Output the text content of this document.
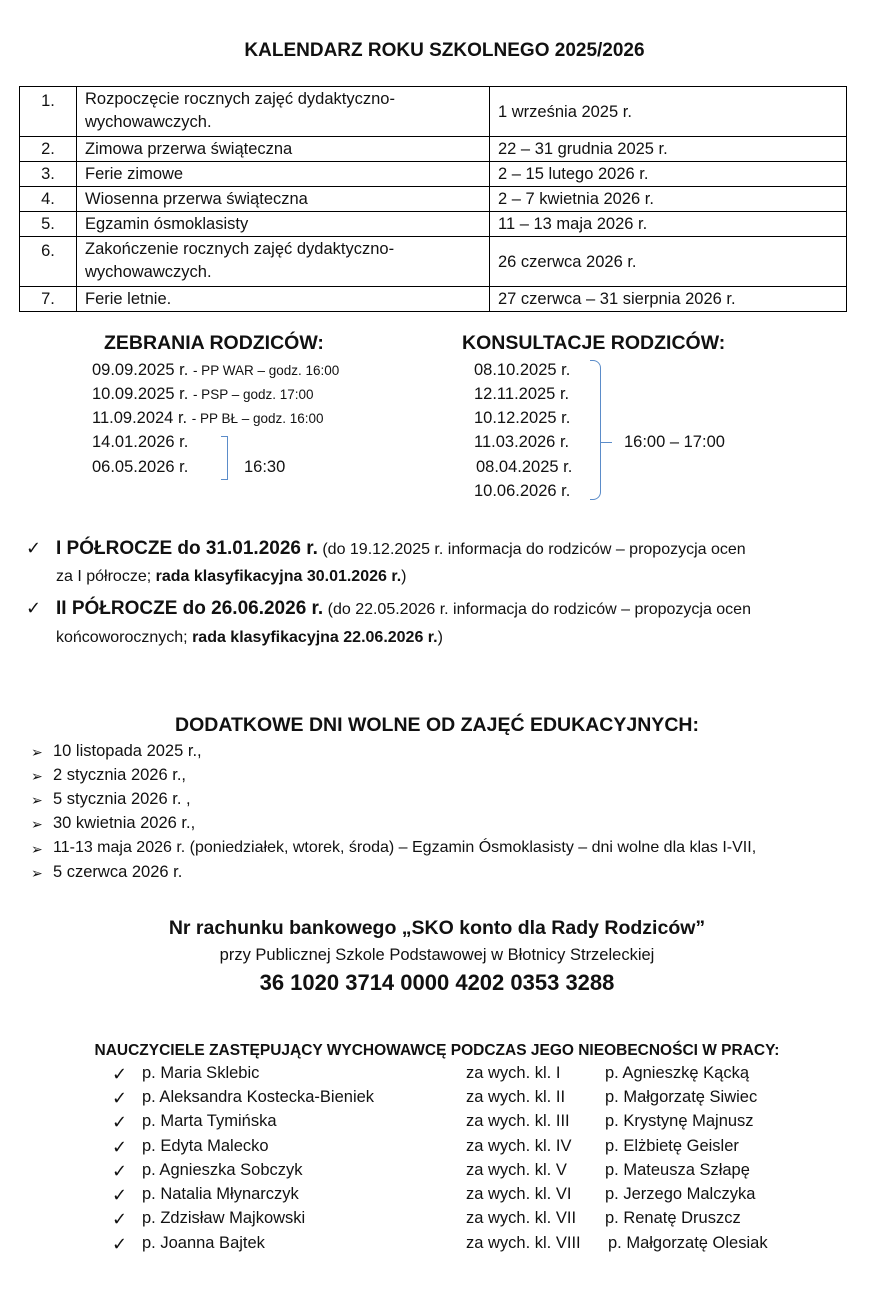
KALENDARZ ROKU SZKOLNEGO 2025/2026
1.	Rozpoczęcie rocznych zajęć dydaktyczno-
wychowawczych.	1 września 2025 r.
2.	Zimowa przerwa świąteczna	22 – 31 grudnia 2025 r.
3.	Ferie zimowe	2 – 15 lutego 2026 r.
4.	Wiosenna przerwa świąteczna	2 – 7 kwietnia 2026 r.
5.	Egzamin ósmoklasisty	11 – 13 maja 2026 r.
6.	Zakończenie rocznych zajęć dydaktyczno-
wychowawczych.	26 czerwca 2026 r.
7.	Ferie letnie.	27 czerwca – 31 sierpnia 2026 r.
ZEBRANIA RODZICÓW:
09.09.2025 r. - PP WAR – godz. 16:00
10.09.2025 r. - PSP – godz. 17:00
11.09.2024 r. - PP BŁ – godz. 16:00
14.01.2026 r.
06.05.2026 r.	16:30
KONSULTACJE RODZICÓW:
08.10.2025 r.
12.11.2025 r.
10.12.2025 r.
11.03.2026 r.
08.04.2025 r.
10.06.2026 r.
16:00 – 17:00
✓ I PÓŁROCZE do 31.01.2026 r. (do 19.12.2025 r. informacja do rodziców – propozycja ocen
za I półrocze; rada klasyfikacyjna 30.01.2026 r.)
✓ II PÓŁROCZE do 26.06.2026 r. (do 22.05.2026 r. informacja do rodziców – propozycja ocen
końcoworocznych; rada klasyfikacyjna 22.06.2026 r.)
DODATKOWE DNI WOLNE OD ZAJĘĆ EDUKACYJNYCH:
➢ 10 listopada 2025 r.,
➢ 2 stycznia 2026 r.,
➢ 5 stycznia 2026 r. ,
➢ 30 kwietnia 2026 r.,
➢ 11-13 maja 2026 r. (poniedziałek, wtorek, środa) – Egzamin Ósmoklasisty – dni wolne dla klas I-VII,
➢ 5 czerwca 2026 r.
Nr rachunku bankowego „SKO konto dla Rady Rodziców”
przy Publicznej Szkole Podstawowej w Błotnicy Strzeleckiej
36 1020 3714 0000 4202 0353 3288
NAUCZYCIELE ZASTĘPUJĄCY WYCHOWAWCĘ PODCZAS JEGO NIEOBECNOŚCI W PRACY:
✓ p. Maria Sklebic	za wych. kl. I	p. Agnieszkę Kącką
✓ p. Aleksandra Kostecka-Bieniek	za wych. kl. II p. Małgorzatę Siwiec
✓ p. Marta Tymińska	za wych. kl. III p. Krystynę Majnusz
✓ p. Edyta Malecko	za wych. kl. IV p. Elżbietę Geisler
✓ p. Agnieszka Sobczyk	za wych. kl. V p. Mateusza Szłapę
✓ p. Natalia Młynarczyk	za wych. kl. VI p. Jerzego Malczyka
✓ p. Zdzisław Majkowski	za wych. kl. VII p. Renatę Druszcz
✓ p. Joanna Bajtek	za wych. kl. VIII p. Małgorzatę Olesiak
